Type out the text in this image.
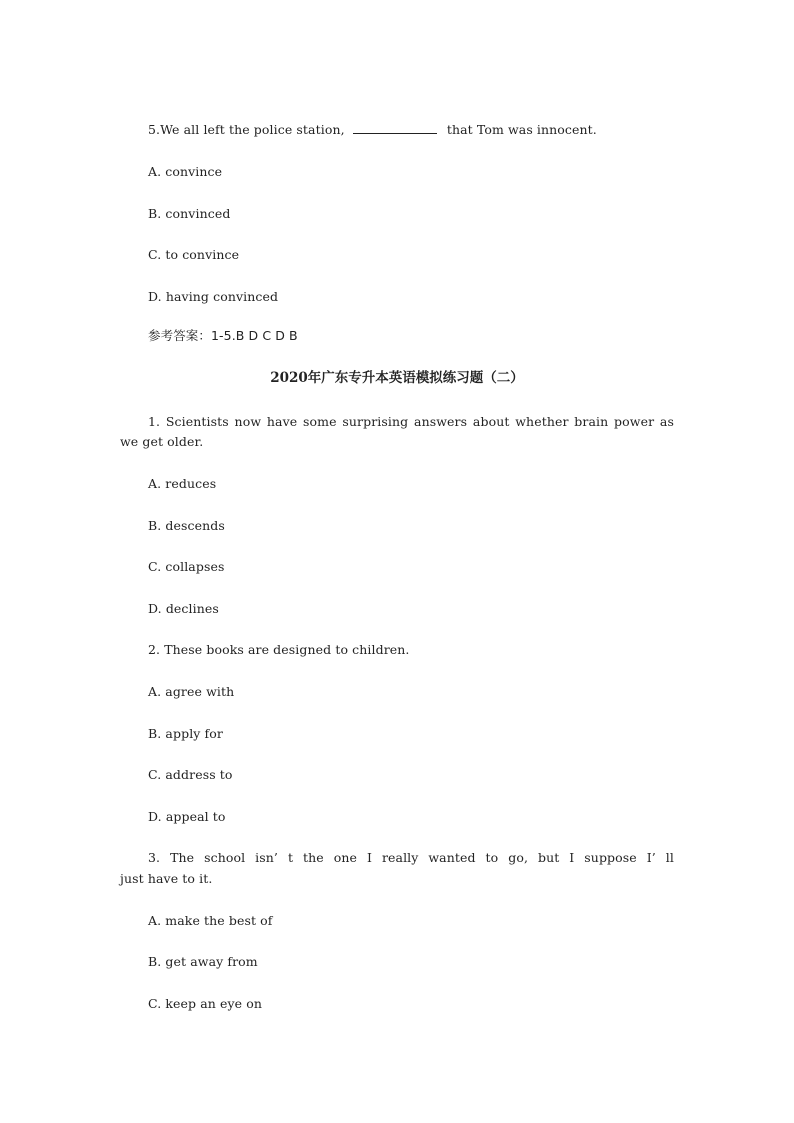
5.We all left the police station,	that Tom was innocent.
A. convince
B. convinced
C. to convince
D. having convinced
参考答案：1-5.B D C D B
2020年广东专升本英语模拟练习题（二）
1. Scientists now have some surprising answers about whether brain power as
we get older.
A. reduces
B. descends
C. collapses
D. declines
2. These books are designed to children.
A. agree with
B. apply for
C. address to
D. appeal to
3. The school isn’ t the one I really wanted to go, but I suppose I’ ll
just have to it.
A. make the best of
B. get away from
C. keep an eye on
